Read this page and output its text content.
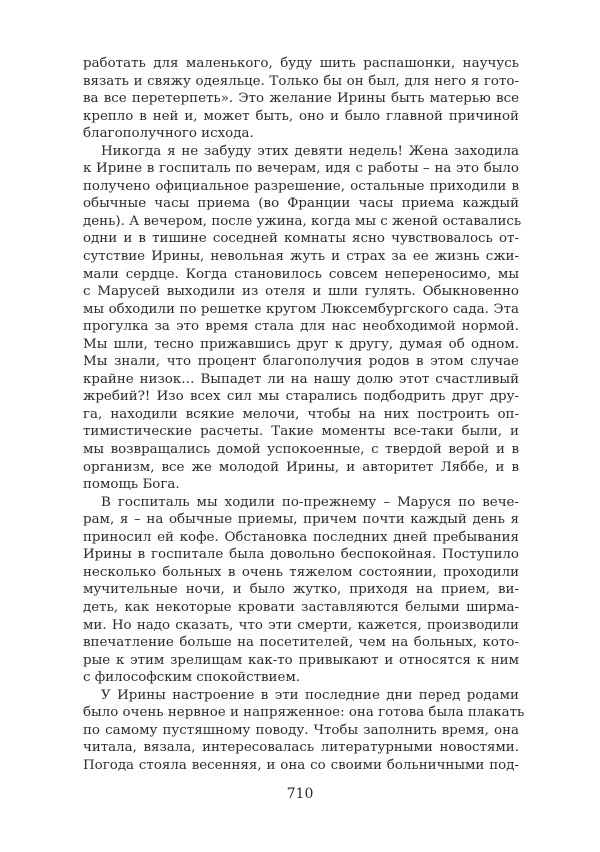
работать для маленького, буду шить распашонки, научусь
вязать и свяжу одеяльце. Только бы он был, для него я гото-
ва все перетерпеть». Это желание Ирины быть матерью все
крепло в ней и, может быть, оно и было главной причиной
благополучного исхода.
Никогда я не забуду этих девяти недель! Жена заходила
к Ирине в госпиталь по вечерам, идя с работы – на это было
получено официальное разрешение, остальные приходили в
обычные часы приема (во Франции часы приема каждый
день). А вечером, после ужина, когда мы с женой оставались
одни и в тишине соседней комнаты ясно чувствовалось от-
сутствие Ирины, невольная жуть и страх за ее жизнь сжи-
мали сердце. Когда становилось совсем непереносимо, мы
с Марусей выходили из отеля и шли гулять. Обыкновенно
мы обходили по решетке кругом Люксембургского сада. Эта
прогулка за это время стала для нас необходимой нормой.
Мы шли, тесно прижавшись друг к другу, думая об одном.
Мы знали, что процент благополучия родов в этом случае
крайне низок… Выпадет ли на нашу долю этот счастливый
жребий?! Изо всех сил мы старались подбодрить друг дру-
га, находили всякие мелочи, чтобы на них построить оп-
тимистические расчеты. Такие моменты все-таки были, и
мы возвращались домой успокоенные, с твердой верой и в
организм, все же молодой Ирины, и авторитет Ляббе, и в
помощь Бога.
В госпиталь мы ходили по-прежнему – Маруся по вече-
рам, я – на обычные приемы, причем почти каждый день я
приносил ей кофе. Обстановка последних дней пребывания
Ирины в госпитале была довольно беспокойная. Поступило
несколько больных в очень тяжелом состоянии, проходили
мучительные ночи, и было жутко, приходя на прием, ви-
деть, как некоторые кровати заставляются белыми ширма-
ми. Но надо сказать, что эти смерти, кажется, производили
впечатление больше на посетителей, чем на больных, кото-
рые к этим зрелищам как-то привыкают и относятся к ним
с философским спокойствием.
У Ирины настроение в эти последние дни перед родами
было очень нервное и напряженное: она готова была плакать
по самому пустяшному поводу. Чтобы заполнить время, она
читала, вязала, интересовалась литературными новостями.
Погода стояла весенняя, и она со своими больничными под-
710
